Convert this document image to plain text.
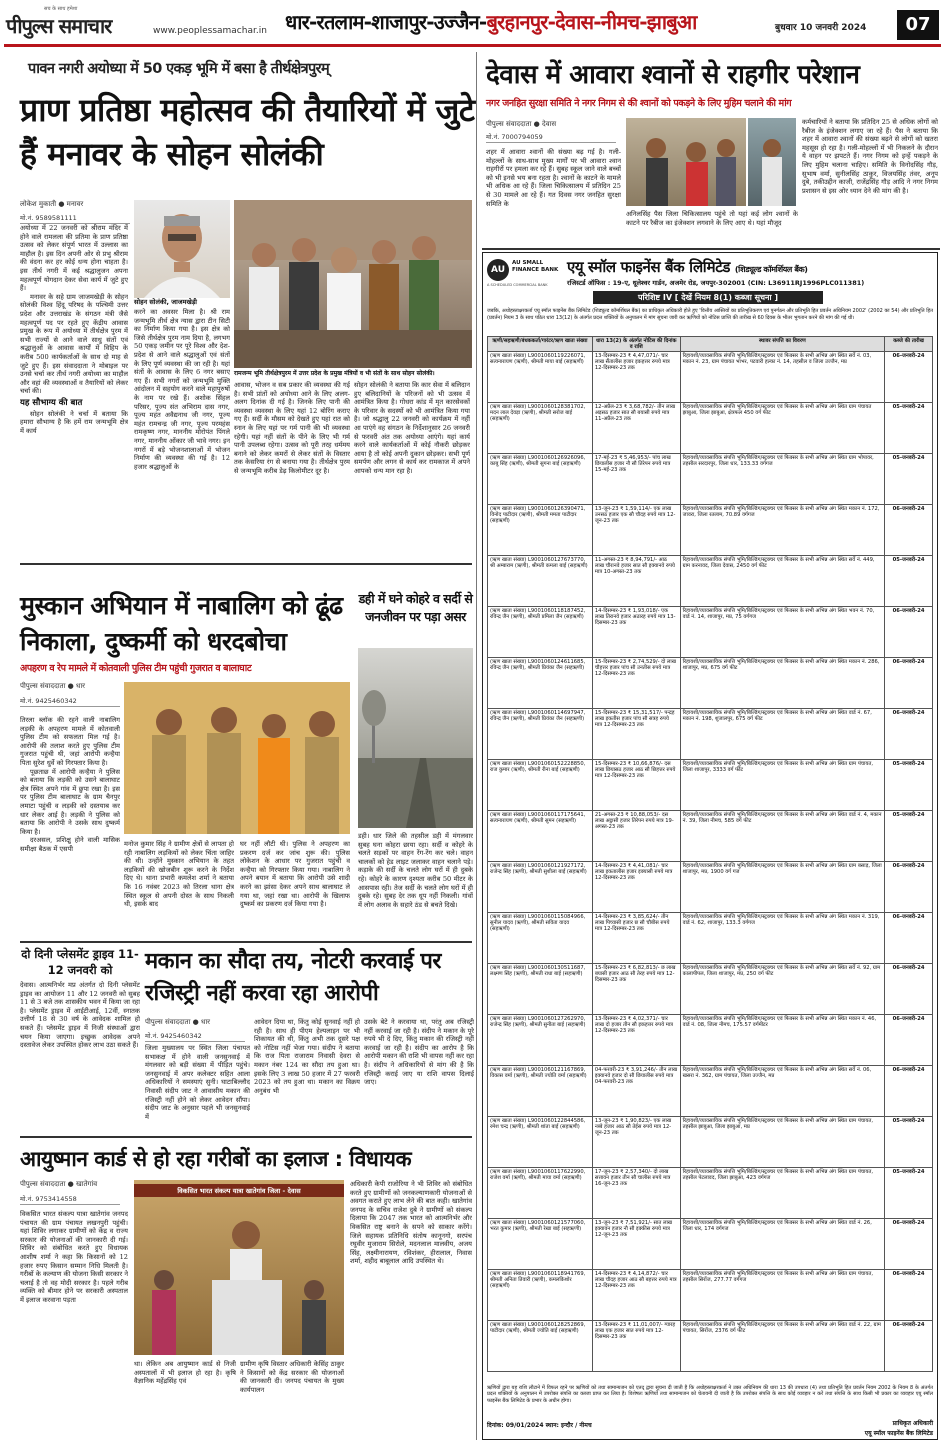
सच के साथ हमेशा
पीपुल्स समाचार	www.peoplessamachar.in धार-रतलाम-शाजापुर-उज्जैन-बुरहानपुर-देवास-नीमच-झाबुआ	बुधवार 10 जनवरी 2024	07
पावन नगरी अयोध्या में 50 एकड़ भूमि में बसा है तीर्थक्षेत्रपुरम्
प्राण प्रतिष्ठा महोत्सव की तैयारियों में जुटे हैं मनावर के सोहन सोलंकी
लोकेश मुकाती ● मनावर
मो.नं. 9589581111

अयोध्या में 22 जनवरी को श्रीराम मंदिर में होने वाले रामलला की प्रतिमा के प्राण प्रतिष्ठा उत्सव को लेकर संपूर्ण भारत में उल्लास का माहौल है। इस दिन अपनी ओर से प्रभु श्रीराम की वंदना कर हर कोई धन्य होना चाहता है। इस तीर्थ नगरी में कई श्रद्धालुजन अपना महत्वपूर्ण योगदान देकर सेवा कार्य में जुटे हुए हैं।

मनावर के सहे ग्राम जाजमखेड़ी के सोहन सोलंकी विश्व हिंदू परिषद के पश्चिमी उत्तर प्रदेश और उत्तराखंड के संगठन मंत्री जैसे महत्वपूर्ण पद पर रहते हुए केंद्रीय आवास प्रमुख के रूप में अयोध्या में तीर्थक्षेत्र पुरम में सभी राज्यों से आने वाले साधु संतों एवं श्रद्धालुओं के आवास कार्यों में विहिप के करीब 500 कार्यकर्ताओं के साथ दो माह से जुटे हुए हैं। इस संवाददाता ने मोबाइल पर उनसे चर्चा कर तीर्थ नगरी अयोध्या का माहौल और वहां की व्यवस्थाओं व तैयारियों को लेकर चर्चा की।

यह सौभाग्य की बात

सोहन सोलंकी ने चर्चा में बताया कि हमारा सौभाग्य है कि हमें राम जन्मभूमि क्षेत्र में कार्य

सोहन सोलंकी, जाजमखेड़ी
रामजन्म भूमि तीर्थक्षेत्रपुरम में उत्तर प्रदेश के प्रमुख मंत्रियों व भी संतों के साथ सोहन सोलंकी।
करने का अवसर मिला है। श्री राम जन्मभूमि तीर्थ क्षेत्र न्यास द्वारा टीन सिटी का निर्माण किया गया है। इस क्षेत्र को जिसे तीर्थक्षेत्र पुरम नाम दिया है, लगभग 50 एकड़ जमीन पर पूरे विश्व और देश-प्रदेश से आने वाले श्रद्धालुओं एवं संतों के लिए पूर्ण व्यवस्था की जा रही है। यहां संतों के आवास के लिए 6 नगर बसाए गए हैं। सभी नगरों को जन्मभूमि मुक्ति आंदोलन में सहयोग करने वाले महापुरुषों के नाम पर रखे हैं। अशोक सिंहल परिसर, पूज्य संत अभिराम दास नगर, पूज्य महंत अवैद्यनाथ जी नगर, पूज्य महंत रामचन्द्र जी नगर, पूज्य परमहंस रामकृष्ण नगर, माननीय मोरोपंत पिंगले नगर, माननीय ओंकार जी भावे नगर। इन नगरों में बड़े भोजनशालाओं में भोजन निर्माण की व्यवस्था की गई है। 12 हजार श्रद्धालुओं के
आवास, भोजन व सब प्रकार की व्यवस्था की गई है। सभी प्रांतों को अयोध्या आने के लिए अलग-अलग दिनांक दी गई है। जिनके लिए पानी की व्यवस्था व्यवस्था के लिए यहां 12 बोरिंग कराए गए हैं। सर्दी के मौसम को देखते हुए यहां रात को स्नान के लिए यहां पर गर्म पानी की भी व्यवस्था रहेगी। यहां नहीं संतों के पीने के लिए भी गर्म पानी उपलब्ध रहेगा। उत्सव को पूरी तरह धर्ममय बनाने को लेकर कमरों से लेकर संतों के विस्तार तक केसरिया रंग से बनाया गया है। तीर्थक्षेत्र पुरम से जन्मभूमि करीब डेढ़ किलोमीटर दूर है।
सोहन सोलंकी ने बताया कि कार सेवा में बलिदान हुए बलिदानियों के परिजनों को भी उत्सव में आमंत्रित किया है। गोधरा कांड में मृत कारसेवकों के परिवार के सदस्यों को भी आमंत्रित किया गया है। जो श्रद्धालु 22 जनवरी को कार्यक्रम में नहीं आ पाएंगे वह संगठन के निर्देशानुसार 26 जनवरी से फरवरी अंत तक अयोध्या आएंगे। यहां कार्य करने वाले कार्यकर्ताओं में कोई नौकरी छोड़कर आया है तो कोई अपनी दुकान छोड़कर। सभी पूर्ण समर्पण और लगन से कार्य कर रामकाज में अपने आपको धन्य मान रहा है।
मुस्कान अभियान में नाबालिग को ढूंढ निकाला, दुष्कर्मी को धरदबोचा
अपहरण व रेप मामले में कोतवाली पुलिस टीम पहुंची गुजरात व बालाघाट
पीपुल्स संवाददाता ● धार
मो.नं. 9425460342

तिरला ब्लॉक की रहने वाली नाबालिग लड़की के अपहरण मामले में कोतवाली पुलिस टीम को सफलता मिल गई है। आरोपी की तलाश करते हुए पुलिस टीम गुजरात पहुंची थी, जहां आरोपी कन्हैया पिता सुरेश धुर्वे को गिरफ्तार किया है।

पूछताछ में आरोपी कन्हैया ने पुलिस को बताया कि लड़की को उसने बालाघाट क्षेत्र स्थित अपने गांव में छुपा रखा है। इस पर पुलिस टीम बालाघाट के ग्राम चैनपुर लमाटा पहुंची व लड़की को दस्तयाब कर धार लेकर आई है। लड़की ने पुलिस को बताया कि आरोपी ने उसके साथ दुष्कर्म किया है।

दरअसल, प्रशिक्षु होने वाली मासिक समीक्षा बैठक में एसपी

मनोज कुमार सिंह ने ग्रामीण क्षेत्रों से लापता हो रही नाबालिग लड़कियों को लेकर चिंता जाहिर की थी। उन्होंने मुस्कान अभियान के तहत लड़कियों की खोजबीन शुरू करने के निर्देश दिए थे। थाना प्रभारी कमलेश शर्मा ने बताया कि 16 नवंबर 2023 को तिरला थाना क्षेत्र स्थित स्कूल से अपनी दोस्त के साथ निकली थी, इसके बाद
घर नहीं लौटी थी। पुलिस ने अपहरण का प्रकरण दर्ज कर जांच शुरू की। पुलिस लोकेशन के आधार पर गुजरात पहुंची व कन्हैया को गिरफ्तार किया गया। नाबालिग ने अपने बयान में बताया कि आरोपी उसे शादी करने का झांसा देकर अपने साथ बालाघाट ले गया था, जहां रखा था। आरोपी के खिलाफ दुष्कर्म का प्रकरण दर्ज किया गया है।
डही में घने कोहरे व सर्दी से जनजीवन पर पड़ा असर
डही। धार जिले की तहसील डही में मंगलवार सुबह घना कोहरा छाया रहा। सर्दी व कोहरे के चलते सड़कों पर वाहन रेंग-रेंग कर चले। वाहन चालकों को हेड लाइट जलाकर वाहन चलाने पड़े। कड़ाके की सर्दी के चलते लोग घरों में ही दुबके रहे। कोहरे के कारण दृश्यता करीब 50 मीटर के आसपास रही। तेज सर्दी के चलते लोग घरों में ही दुबके रहे। सुबह देर तक धूप नहीं निकली। गांवों में लोग अलाव के सहारे ठंड से बचते दिखे।
दो दिनी प्लेसमेंट ड्राइव 11-12 जनवरी को
देवास। आत्मनिर्भर मप्र अंतर्गत दो दिनी प्लेसमेंट ड्राइव का आयोजन 11 और 12 जनवरी को सुबह 11 से 3 बजे तक शासकीय भवन में किया जा रहा है। प्लेसमेंट ड्राइव में आईटीआई, 12वीं, स्नातक उत्तीर्ण 18 से 30 वर्ष के आवेदक शामिल हो सकते हैं। प्लेसमेंट ड्राइव में निजी संस्थाओं द्वारा चयन किया जाएगा। इच्छुक आवेदक अपने दस्तावेज लेकर उपस्थित होकर लाभ उठा सकते हैं।
मकान का सौदा तय, नोटरी करवाई पर रजिस्ट्री नहीं करवा रहा आरोपी
पीपुल्स संवाददाता ● धार
मो.नं. 9425460342
जिला मुख्यालय पर स्थित जिला पंचायत सभाकक्ष में होने वाली जनसुनवाई में मंगलवार को बड़ी संख्या में पीड़ित पहुंचे। जनसुनवाई में अपर कलेक्टर सहित आला अधिकारियों ने समस्याएं सुनी। घाटाबिल्लौद निवासी संदीप जाट ने आवासीय मकान की रजिस्ट्री नहीं होने को लेकर आवेदन सौंपा। संदीप जाट के अनुसार पहले भी जनसुनवाई में
आवेदन दिया था, किंतु कोई सुनवाई नहीं हो रही है। साथ ही पीएम हेल्पलाइन पर भी शिकायत की थी, किंतु अभी तक दूसरे पक्ष को नोटिस नहीं भेजा गया। संदीप ने बताया कि राज पिता राजाराम निवासी देवरा से मकान नंबर 124 का सौदा तय हुआ था। इसके लिए 3 लाख 50 हजार में 27 फरवरी 2023 को तय हुआ था। मकान का विक्रय अनुबंध भी
उसके बेटे ने करवाया था, परंतु अब रजिस्ट्री नहीं करवाई जा रही है। संदीप ने मकान के पूरे रुपये भी दे दिए, किंतु मकान की रजिस्ट्री नहीं करवाई जा रही है। संदीप का आरोप है कि आरोपी मकान की राशि भी वापस नहीं कर रहा है। संदीप ने अधिकारियों से मांग की है कि रजिस्ट्री कराई जाए या राशि वापस दिलाई जाए।
आयुष्मान कार्ड से हो रहा गरीबों का इलाज : विधायक
पीपुल्स संवाददाता ● खातेगांव
मो.नं. 9753414558
विकसित भारत संकल्प यात्रा खातेगांव जनपद पंचायत की ग्राम पंचायत लखनपुरी पहुंची। यहां शिविर लगाकर ग्रामीणों को केंद्र व राज्य सरकार की योजनाओं की जानकारी दी गई। शिविर को संबोधित करते हुए विधायक आशीष शर्मा ने कहा कि किसानों को 12 हजार रुपए किसान सम्मान निधि मिलती है। गरीबों के कल्याण की योजना किसी सरकार ने चलाई है तो वह मोदी सरकार है। पहले गरीब व्यक्ति को बीमार होने पर सरकारी अस्पताल में इलाज करवाना पड़ता
विकसित भारत संकल्प यात्रा खातेगांव जिला - देवास
था। लेकिन अब आयुष्मान कार्ड से निजी अस्पतालों में भी इलाज हो रहा है। कृषि वैज्ञानिक महेंद्रसिंह एवं
ग्रामीण कृषि विस्तार अधिकारी केसिंह ठाकुर ने किसानों को केंद्र सरकार की योजनाओं की जानकारी दी। जनपद पंचायत के मुख्य कार्यपालन
अधिकारी केपी राजोरिया ने भी शिविर को संबोधित करते हुए ग्रामीणों को जनकल्याणकारी योजनाओं से अवगत कराते हुए लाभ लेने की बात कही। खातेगांव जनपद के सचिव राजेश दुबे ने ग्रामीणों को संकल्प दिलाया कि 2047 तक भारत को आत्मनिर्भर और विकसित राष्ट्र बनाने के सपने को साकार करेंगे। जिले सहायक प्रतिनिधि संतोष कानूनगो, सरपंच रघुवीर मुजाराम सिरोले, मदनलाल मालवीय, अजय सिंह, लक्ष्मीनारायण, रविशंकर, हीरालाल, निवास शर्मा, शहीद बाबूलाल आदि उपस्थित थे।
देवास में आवारा श्वानों से राहगीर परेशान
नगर जनहित सुरक्षा समिति ने नगर निगम से की श्वानों को पकड़ने के लिए मुहिम चलाने की मांग
पीपुल्स संवाददाता ● देवास
मो.नं. 7000794059
शहर में आवारा श्वानों की संख्या बढ़ गई है। गली-मोहल्लों के साथ-साथ मुख्य मार्गों पर भी आवारा श्वान राहगीरों पर हमला कर रहे हैं। सुबह स्कूल जाने वाले बच्चों को भी इनसे भय बना रहता है। श्वानों के काटने के मामले भी अधिक आ रहे हैं। जिला चिकित्सालय में प्रतिदिन 25 से 30 मामले आ रहे हैं। गत दिवस नगर जनहित सुरक्षा समिति के
अनिलसिंह पैस जिला चिकित्सालय पहुंचे तो यहां कई लोग श्वानों के काटने पर रैबीज का इंजेक्शन लगवाने के लिए आए थे। यहां मौजूद
कर्मचारियों ने बताया कि प्रतिदिन 25 से अधिक लोगों को रैबीज के इंजेक्शन लगाए जा रहे हैं। पैस ने बताया कि शहर में आवारा श्वानों की संख्या बढ़ने से लोगों को खतरा महसूस हो रहा है। गली-मोहल्लों में भी निकलने के दौरान ये वाहन पर झपटते हैं। नगर निगम को इन्हें पकड़ने के लिए मुहिम चलाना चाहिए। समिति के विनोदसिंह गौड़, सुभाष वर्मा, सुनीलसिंह ठाकुर, विजयसिंह तंवर, अनूप दुबे, तकीउद्दीन काजी, राजेंद्रसिंह गौड़ आदि ने नगर निगम प्रशासन से इस ओर ध्यान देने की मांग की है।
AU
AU SMALL FINANCE BANK
A SCHEDULED COMMERCIAL BANK
एयू स्मॉल फाइनेंस बैंक लिमिटेड (शिड्यूल्ड कॉमर्शियल बैंक)
रजिस्टर्ड ऑफिस : 19-ए, धूलेश्वर गार्डन, अजमेर रोड, जयपुर-302001 (CIN: L36911RJ1996PLC011381)
परिशिष्ट IV [ देखें नियम 8(1) कब्जा सूचना ]
जबकि, अधोहस्ताक्षरकर्ता एयू स्मॉल फाइनेंस बैंक लिमिटेड (शिड्यूल्ड कॉमर्शियल बैंक) का प्राधिकृत अधिकारी होते हुए 'वित्तीय आस्तियों का प्रतिभूतिकरण एवं पुनर्गठन और प्रतिभूति हित प्रवर्तन अधिनियम 2002' (2002 का 54) और प्रतिभूति हित (प्रवर्तन) नियम 3 के साथ पठित धारा 13(12) के अंतर्गत प्रदत्त शक्तियों के अनुपालन में मांग सूचना जारी कर ऋणियों को नोटिस प्राप्ति की तारीख से 60 दिवस के भीतर भुगतान करने की मांग की गई थी।
ऋणी/सहऋणी/बंधककर्ता/गारंटर/ऋण खाता संख्या	धारा 13(2) के अंतर्गत नोटिस की दिनांक व राशि	स्थावर संपत्ति का विवरण	कब्जे की तारीख
(ऋण खाता संख्या) L9001060119226071, सत्यनारायण (ऋणी), श्रीमती माया बाई (सहऋणी)	13-दिसम्बर-23 ₹ 4,47,071/- चार लाख सैंतालीस हजार इकहत्तर रुपये मात्र 12-दिसम्बर-23 तक	रिहायशी/व्यावसायिक संपत्ति भूमि/बिल्डिंग/स्ट्रक्चर एवं फिक्सर के सभी अभिन्न अंग स्थित सर्वे नं. 03, मकान नं. 23, ग्राम पंचायत भाभर, पटवारी हल्का नं. 14, तहसील व जिला उज्जैन, मप्र	06-जनवरी-24
(ऋण खाता संख्या) L9001060128381702, मदन लाल देवड़ा (ऋणी), श्रीमती सरोज बाई (सहऋणी)	12-अप्रैल-23 ₹ 3,68,782/- तीन लाख अड़सठ हजार सात सौ बयासी रुपये मात्र 11-अप्रैल-23 तक	रिहायशी/व्यावसायिक संपत्ति भूमि/बिल्डिंग/स्ट्रक्चर एवं फिक्सर के सभी अभिन्न अंग स्थित ग्राम पंचायत झाबुआ, जिला झाबुआ, क्षेत्रफल 450 वर्ग फीट	05-जनवरी-24
(ऋण खाता संख्या) L9001060126926096, काबू सिंह (ऋणी), श्रीमती सुगना बाई (सहऋणी)	17-मई-23 ₹ 5,46,953/- पांच लाख छियालीस हजार नौ सौ तिरेपन रुपये मात्र 15-मई-23 तक	रिहायशी/व्यावसायिक संपत्ति भूमि/बिल्डिंग/स्ट्रक्चर एवं फिक्सर के सभी अभिन्न अंग स्थित ग्राम भोपावर, तहसील सरदारपुर, जिला धार, 133.33 वर्गगज	05-जनवरी-24
(ऋण खाता संख्या) L9001060126390471, विनोद पाटीदार (ऋणी), श्रीमती ममता पाटीदार (सहऋणी)	13-जून-23 ₹ 1,59,114/- एक लाख उनसठ हजार एक सौ चौदह रुपये मात्र 12-जून-23 तक	रिहायशी/व्यावसायिक संपत्ति भूमि/बिल्डिंग/स्ट्रक्चर एवं फिक्सर के सभी अभिन्न अंग स्थित मकान नं. 172, जावरा, जिला रतलाम, 70.89 वर्गगज	06-जनवरी-24
(ऋण खाता संख्या) L9001060127673770, श्री अम्बाराम (ऋणी), श्रीमती कमला बाई (सहऋणी)	11-अगस्त-23 ₹ 8,94,791/- आठ लाख चौरानवे हजार सात सौ इक्यानवे रुपये मात्र 10-अगस्त-23 तक	रिहायशी/व्यावसायिक संपत्ति भूमि/बिल्डिंग/स्ट्रक्चर एवं फिक्सर के सभी अभिन्न अंग स्थित सर्वे नं. 449, ग्राम करनावद, जिला देवास, 2450 वर्ग फीट	05-जनवरी-24
(ऋण खाता संख्या) L9001060118187452, रविन्द्र जैन (ऋणी), श्रीमती प्रमिला जैन (सहऋणी)	14-दिसम्बर-23 ₹ 1,93,018/- एक लाख तिरानवे हजार अठारह रुपये मात्र 13-दिसम्बर-23 तक	रिहायशी/व्यावसायिक संपत्ति भूमि/बिल्डिंग/स्ट्रक्चर एवं फिक्सर के सभी अभिन्न अंग स्थित भवन नं. 70, वार्ड नं. 14, शाजापुर, मप्र, 75 वर्गगज	06-जनवरी-24
(ऋण खाता संख्या) L9001060124611685, रविन्द्र जैन (ऋणी), श्रीमती प्रियंका जैन (सहऋणी)	15-दिसम्बर-23 ₹ 2,74,529/- दो लाख चौहत्तर हजार पांच सौ उनतीस रुपये मात्र 12-दिसम्बर-23 तक	रिहायशी/व्यावसायिक संपत्ति भूमि/बिल्डिंग/स्ट्रक्चर एवं फिक्सर के सभी अभिन्न अंग स्थित मकान नं. 286, शाजापुर, मप्र, 675 वर्ग फीट	06-जनवरी-24
(ऋण खाता संख्या) L9001060114697947, रविन्द्र जैन (ऋणी), श्रीमती प्रियंका जैन (सहऋणी)	15-दिसम्बर-23 ₹ 15,31,517/- पन्द्रह लाख इकतीस हजार पांच सौ सत्रह रुपये मात्र 12-दिसम्बर-23 तक	रिहायशी/व्यावसायिक संपत्ति भूमि/बिल्डिंग/स्ट्रक्चर एवं फिक्सर के सभी अभिन्न अंग स्थित वार्ड नं. 67, मकान नं. 198, शुजालपुर, 675 वर्ग फीट	06-जनवरी-24
(ऋण खाता संख्या) L9001060152228850, राज कुमार (ऋणी), श्रीमती रीना बाई (सहऋणी)	15-दिसम्बर-23 ₹ 10,66,876/- दस लाख छियासठ हजार आठ सौ छिहत्तर रुपये मात्र 12-दिसम्बर-23 तक	रिहायशी/व्यावसायिक संपत्ति भूमि/बिल्डिंग/स्ट्रक्चर एवं फिक्सर के सभी अभिन्न अंग स्थित ग्राम पंचायत, जिला शाजापुर, 3333 वर्ग फीट	05-जनवरी-24
(ऋण खाता संख्या) L9001060117175641, सत्यनारायण (ऋणी), श्रीमती सुमन (सहऋणी)	21-अगस्त-23 ₹ 10,88,053/- दस लाख अट्ठासी हजार तिरेपन रुपये मात्र 19-अगस्त-23 तक	रिहायशी/व्यावसायिक संपत्ति भूमि/बिल्डिंग/स्ट्रक्चर एवं फिक्सर के सभी अभिन्न अंग स्थित वार्ड नं. 4, मकान नं. 39, जिला नीमच, 585 वर्ग फीट	05-जनवरी-24
(ऋण खाता संख्या) L9001060121927172, राजेन्द्र सिंह (ऋणी), श्रीमती सुशीला बाई (सहऋणी)	14-दिसम्बर-23 ₹ 4,41,081/- चार लाख इकतालीस हजार इक्यासी रुपये मात्र 12-दिसम्बर-23 तक	रिहायशी/व्यावसायिक संपत्ति भूमि/बिल्डिंग/स्ट्रक्चर एवं फिक्सर के सभी अभिन्न अंग स्थित ग्राम बसाड़, जिला शाजापुर, मप्र, 1900 वर्ग गज	06-जनवरी-24
(ऋण खाता संख्या) L9001060115084966, सुनील यादव (ऋणी), श्रीमती सविता यादव (सहऋणी)	14-दिसम्बर-23 ₹ 3,85,624/- तीन लाख पिच्यासी हजार छ सौ चौबीस रुपये मात्र 12-दिसम्बर-23 तक	रिहायशी/व्यावसायिक संपत्ति भूमि/बिल्डिंग/स्ट्रक्चर एवं फिक्सर के सभी अभिन्न अंग स्थित मकान नं. 319, वार्ड नं. 62, शाजापुर, 133.3 वर्गगज	06-जनवरी-24
(ऋण खाता संख्या) L9001060130511687, लक्ष्मण सिंह (ऋणी), श्रीमती राधा बाई (सहऋणी)	15-दिसम्बर-23 ₹ 6,82,813/- छ लाख बयासी हजार आठ सौ तेरह रुपये मात्र 12-दिसम्बर-23 तक	रिहायशी/व्यावसायिक संपत्ति भूमि/बिल्डिंग/स्ट्रक्चर एवं फिक्सर के सभी अभिन्न अंग स्थित सर्वे नं. 92, ग्राम कालापीपल, जिला शाजापुर, मप्र, 250 वर्ग फीट	06-जनवरी-24
(ऋण खाता संख्या) L9001060127262970, राजेन्द्र सिंह (ऋणी), श्रीमती सुनीता बाई (सहऋणी)	13-दिसम्बर-23 ₹ 4,02,371/- चार लाख दो हजार तीन सौ इकहत्तर रुपये मात्र 12-दिसम्बर-23 तक	रिहायशी/व्यावसायिक संपत्ति भूमि/बिल्डिंग/स्ट्रक्चर एवं फिक्सर के सभी अभिन्न अंग स्थित मकान नं. 46, वार्ड नं. 08, जिला नीमच, 175.57 वर्गमीटर	06-जनवरी-24
(ऋण खाता संख्या) L9001060121167869, विकास वर्मा (ऋणी), श्रीमती ज्योति वर्मा (सहऋणी)	04-फरवरी-23 ₹ 3,91,246/- तीन लाख इक्यानवे हजार दो सौ छियालीस रुपये मात्र 04-फरवरी-23 तक	रिहायशी/व्यावसायिक संपत्ति भूमि/बिल्डिंग/स्ट्रक्चर एवं फिक्सर के सभी अभिन्न अंग स्थित सर्वे नं. 06, खसरा नं. 362, ग्राम पंचायत, जिला उज्जैन, मप्र	06-जनवरी-24
(ऋण खाता संख्या) L9001060122844586, रमेश चन्द्र (ऋणी), श्रीमती शांता बाई (सहऋणी)	13-जून-23 ₹ 1,90,823/- एक लाख नब्बे हजार आठ सौ तेईस रुपये मात्र 12-जून-23 तक	रिहायशी/व्यावसायिक संपत्ति भूमि/बिल्डिंग/स्ट्रक्चर एवं फिक्सर के सभी अभिन्न अंग स्थित ग्राम पंचायत, तहसील झाबुआ, जिला झाबुआ, मप्र	05-जनवरी-24
(ऋण खाता संख्या) L9001060117622990, राजेश वर्मा (ऋणी), श्रीमती माया वर्मा (सहऋणी)	17-जून-23 ₹ 2,57,340/- दो लाख सत्तावन हजार तीन सौ चालीस रुपये मात्र 16-जून-23 तक	रिहायशी/व्यावसायिक संपत्ति भूमि/बिल्डिंग/स्ट्रक्चर एवं फिक्सर के सभी अभिन्न अंग स्थित ग्राम पंचायत, तहसील पेटलावद, जिला झाबुआ, 423 वर्गगज	05-जनवरी-24
(ऋण खाता संख्या) L9001060121577060, भरत कुमार (ऋणी), श्रीमती रेखा बाई (सहऋणी)	13-जून-23 ₹ 7,51,921/- सात लाख इक्यावन हजार नौ सौ इक्कीस रुपये मात्र 12-जून-23 तक	रिहायशी/व्यावसायिक संपत्ति भूमि/बिल्डिंग/स्ट्रक्चर एवं फिक्सर के सभी अभिन्न अंग स्थित वार्ड नं. 26, जिला धार, 174 वर्गगज	06-जनवरी-24
(ऋण खाता संख्या) L9001060118941769, श्रीमती अनिता तिवारी (ऋणी), कमलकिशोर (सहऋणी)	14-दिसम्बर-23 ₹ 4,14,872/- चार लाख चौदह हजार आठ सौ बहत्तर रुपये मात्र 12-दिसम्बर-23 तक	रिहायशी/व्यावसायिक संपत्ति भूमि/बिल्डिंग/स्ट्रक्चर एवं फिक्सर के सभी अभिन्न अंग स्थित ग्राम पंचायत, तहसील सिरोंज, 277.77 वर्गगज	06-जनवरी-24
(ऋण खाता संख्या) L9001060128252869, पाटीदार (ऋणी), श्रीमती ज्योति बाई (सहऋणी)	13-दिसम्बर-23 ₹ 11,01,007/- ग्यारह लाख एक हजार सात रुपये मात्र 12-दिसम्बर-23 तक	रिहायशी/व्यावसायिक संपत्ति भूमि/बिल्डिंग/स्ट्रक्चर एवं फिक्सर के सभी अभिन्न अंग स्थित वार्ड नं. 22, ग्राम पंचायत, सिरोंज, 2376 वर्ग फीट	06-जनवरी-24
ऋणियों द्वारा यह राशि लौटाने में विफल रहने पर ऋणियों को तथा सामान्यजन को एतद् द्वारा सूचना दी जाती है कि अधोहस्ताक्षरकर्ता ने उक्त अधिनियम की धारा 13 की उपधारा (4) तथा प्रतिभूति हित प्रवर्तन नियम 2002 के नियम 8 के अंतर्गत प्रदत्त शक्तियों के अनुपालन में उपरोक्त संपत्ति का कब्जा प्राप्त कर लिया है। विशेषतः ऋणियों तथा सामान्यजन को चेतावनी दी जाती है कि उपरोक्त संपत्ति के साथ कोई व्यवहार न करें तथा संपत्ति के साथ किसी भी प्रकार का व्यवहार एयू स्मॉल फाइनेंस बैंक लिमिटेड के प्रभार के अधीन होगा।
दिनांक: 09/01/2024 स्थान: इन्दौर / नीमच	प्राधिकृत अधिकारी
एयू स्मॉल फाइनेंस बैंक लिमिटेड
